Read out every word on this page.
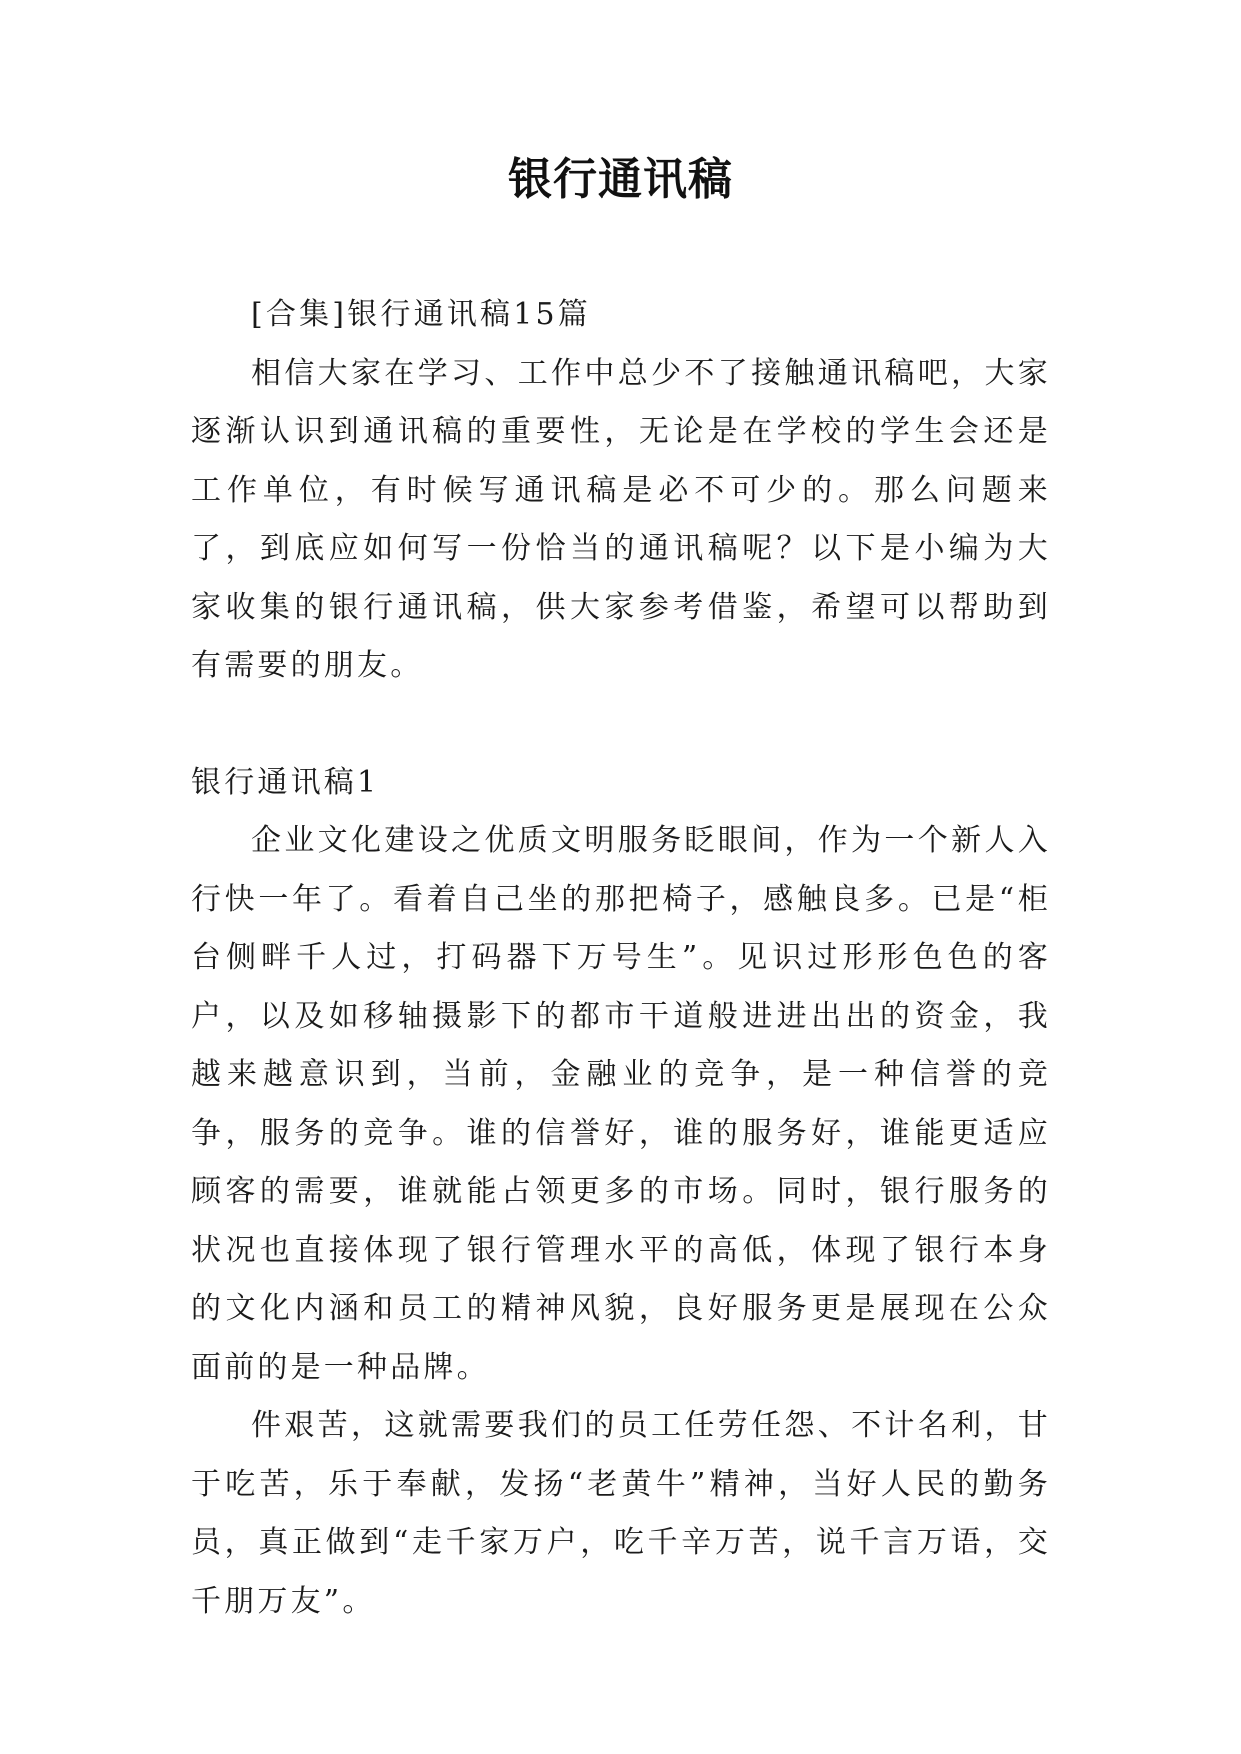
银行通讯稿

[合集]银行通讯稿15篇

相信大家在学习、工作中总少不了接触通讯稿吧，大家逐渐认识到通讯稿的重要性，无论是在学校的学生会还是工作单位，有时候写通讯稿是必不可少的。那么问题来了，到底应如何写一份恰当的通讯稿呢？以下是小编为大家收集的银行通讯稿，供大家参考借鉴，希望可以帮助到有需要的朋友。

银行通讯稿1

企业文化建设之优质文明服务眨眼间，作为一个新人入行快一年了。看着自己坐的那把椅子，感触良多。已是“柜台侧畔千人过，打码器下万号生”。见识过形形色色的客户，以及如移轴摄影下的都市干道般进进出出的资金，我越来越意识到，当前，金融业的竞争，是一种信誉的竞争，服务的竞争。谁的信誉好，谁的服务好，谁能更适应顾客的需要，谁就能占领更多的市场。同时，银行服务的状况也直接体现了银行管理水平的高低，体现了银行本身的文化内涵和员工的精神风貌，良好服务更是展现在公众面前的是一种品牌。

件艰苦，这就需要我们的员工任劳任怨、不计名利，甘于吃苦，乐于奉献，发扬“老黄牛”精神，当好人民的勤务员，真正做到“走千家万户，吃千辛万苦，说千言万语，交千朋万友”。
